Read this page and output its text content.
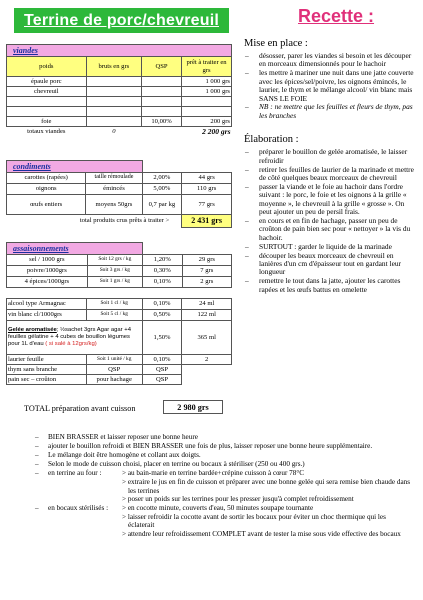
Terrine de porc/chevreuil	Recette :
viandes			
poids	bruts en grs	QSP	prêt à traiter en grs
épaule porc			1 000 grs
chevreuil			1 000 grs

foie		10,00%	200 grs
totaux viandes	0		2 200 grs
condiments			
carottes (rapées)	taille rémoulade	2,00%	44 grs
oignons	émincés	5,00%	110 grs
œufs entiers	moyens 50grs	0,7 par kg	77 grs
total produits crus prêts à traiter >			2 431 grs
assaisonnements			
sel / 1000 grs	Soit 12 grs / kg	1,20%	29 grs
poivre/1000grs	Soit 3 grs / kg	0,30%	7 grs
4 épices/1000grs	Soit 1 grs / kg	0,10%	2 grs
alcool type Armagnac	Soit 1 cl / kg	0,10%	24 ml
vin blanc cl/1000grs	Soit 5 cl / kg	0,50%	122 ml
Gelée aromatisée; ½sachet 3grs Agar agar +4 feuilles gélatine + 4 cubes de bouillon légumes pour 1L d'eau ( si salé à 12grs/kg)		1,50%	365 ml
laurier feuille	Soit 1 unité / kg	0,10%	2
thym sans branche	QSP	QSP	
pain sec – croûton	pour hachage	QSP	
TOTAL préparation avant cuisson	2 980 grs
Mise en place :
– désosser, parer les viandes si besoin et les découper en morceaux dimensionnés pour le hachoir
– les mettre à mariner une nuit dans une jatte couverte avec les épices/sel/poivre, les oignons émincés, le laurier, le thym et le mélange alcool/ vin blanc mais SANS LE FOIE
– NB : ne mettre que les feuilles et fleurs de thym, pas les branches
Élaboration :
– préparer le bouillon de gelée aromatisée, le laisser refroidir
– retirer les feuilles de laurier de la marinade et mettre de côté quelques beaux morceaux de chevreuil
– passer la viande et le foie au hachoir dans l'ordre suivant : le porc, le foie et les oignons à la grille « moyenne », le chevreuil à la grille « grosse ». On peut ajouter un peu de persil frais.
– en cours et en fin de hachage, passer un peu de croûton de pain bien sec pour « nettoyer » la vis du hachoir.
– SURTOUT : garder le liquide de la marinade
– découper les beaux morceaux de chevreuil en lanières d'un cm d'épaisseur tout en gardant leur longueur
– remettre le tout dans la jatte, ajouter les carottes rapées et les œufs battus en omelette
– BIEN BRASSER et laisser reposer une bonne heure
– ajouter le bouillon refroidi et BIEN BRASSER une fois de plus, laisser reposer une bonne heure supplémentaire.
– Le mélange doit être homogène et collant aux doigts.
– Selon le mode de cuisson choisi, placer en terrine ou bocaux à stériliser (250 ou 400 grs.)
– en terrine au four :	> au bain-marie en terrine bardée+crépine cuisson à cœur 78°C
> extraire le jus en fin de cuisson et préparer avec une bonne gelée qui sera remise bien chaude dans les terrines
> poser un poids sur les terrines pour les presser jusqu'à complet refroidissement
– en bocaux stérilisés :	> en cocotte minute, couverts d'eau, 50 minutes soupape tournante
> laisser refroidir la cocotte avant de sortir les bocaux pour éviter un choc thermique qui les éclaterait
> attendre leur refroidissement COMPLET avant de tester la mise sous vide effective des bocaux
